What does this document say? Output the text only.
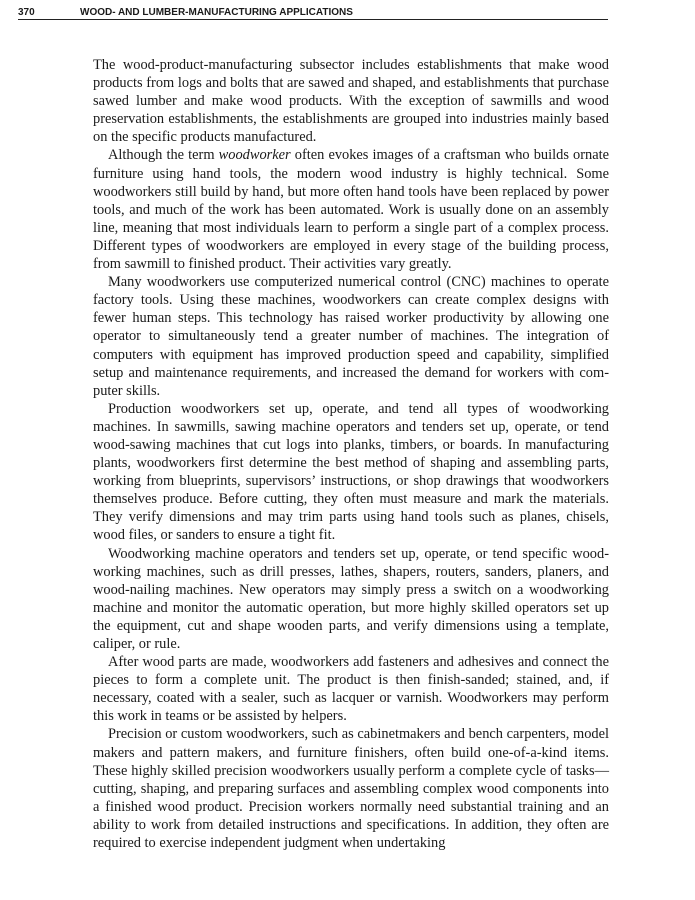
370	WOOD- AND LUMBER-MANUFACTURING APPLICATIONS

The wood-product-manufacturing subsector includes establishments that make wood products from logs and bolts that are sawed and shaped, and establishments that purchase sawed lumber and make wood products. With the exception of sawmills and wood preservation establishments, the establishments are grouped into industries mainly based on the specific products manufactured.

Although the term woodworker often evokes images of a craftsman who builds ornate furniture using hand tools, the modern wood industry is highly technical. Some woodworkers still build by hand, but more often hand tools have been replaced by power tools, and much of the work has been automated. Work is usually done on an assembly line, meaning that most individuals learn to perform a single part of a complex process. Different types of woodworkers are employed in every stage of the building process, from sawmill to finished product. Their activities vary greatly.

Many woodworkers use computerized numerical control (CNC) machines to operate factory tools. Using these machines, woodworkers can create complex designs with fewer human steps. This technology has raised worker productivity by allowing one operator to simultaneously tend a greater number of machines. The integration of computers with equipment has improved production speed and capability, simplified setup and maintenance requirements, and increased the demand for workers with computer skills.

Production woodworkers set up, operate, and tend all types of woodworking machines. In sawmills, sawing machine operators and tenders set up, operate, or tend wood-sawing machines that cut logs into planks, timbers, or boards. In manufacturing plants, woodworkers first determine the best method of shaping and assembling parts, working from blueprints, supervisors’ instructions, or shop drawings that woodworkers themselves produce. Before cutting, they often must measure and mark the materials. They verify dimensions and may trim parts using hand tools such as planes, chisels, wood files, or sanders to ensure a tight fit.

Woodworking machine operators and tenders set up, operate, or tend specific woodworking machines, such as drill presses, lathes, shapers, routers, sanders, planers, and wood-nailing machines. New operators may simply press a switch on a woodworking machine and monitor the automatic operation, but more highly skilled operators set up the equipment, cut and shape wooden parts, and verify dimensions using a template, caliper, or rule.

After wood parts are made, woodworkers add fasteners and adhesives and connect the pieces to form a complete unit. The product is then finish-sanded; stained, and, if necessary, coated with a sealer, such as lacquer or varnish. Woodworkers may perform this work in teams or be assisted by helpers.

Precision or custom woodworkers, such as cabinetmakers and bench carpenters, model makers and pattern makers, and furniture finishers, often build one-of-a-kind items. These highly skilled precision woodworkers usually perform a complete cycle of tasks—cutting, shaping, and preparing surfaces and assembling complex wood components into a finished wood product. Precision workers normally need substantial training and an ability to work from detailed instructions and specifications. In addition, they often are required to exercise independent judgment when undertaking
